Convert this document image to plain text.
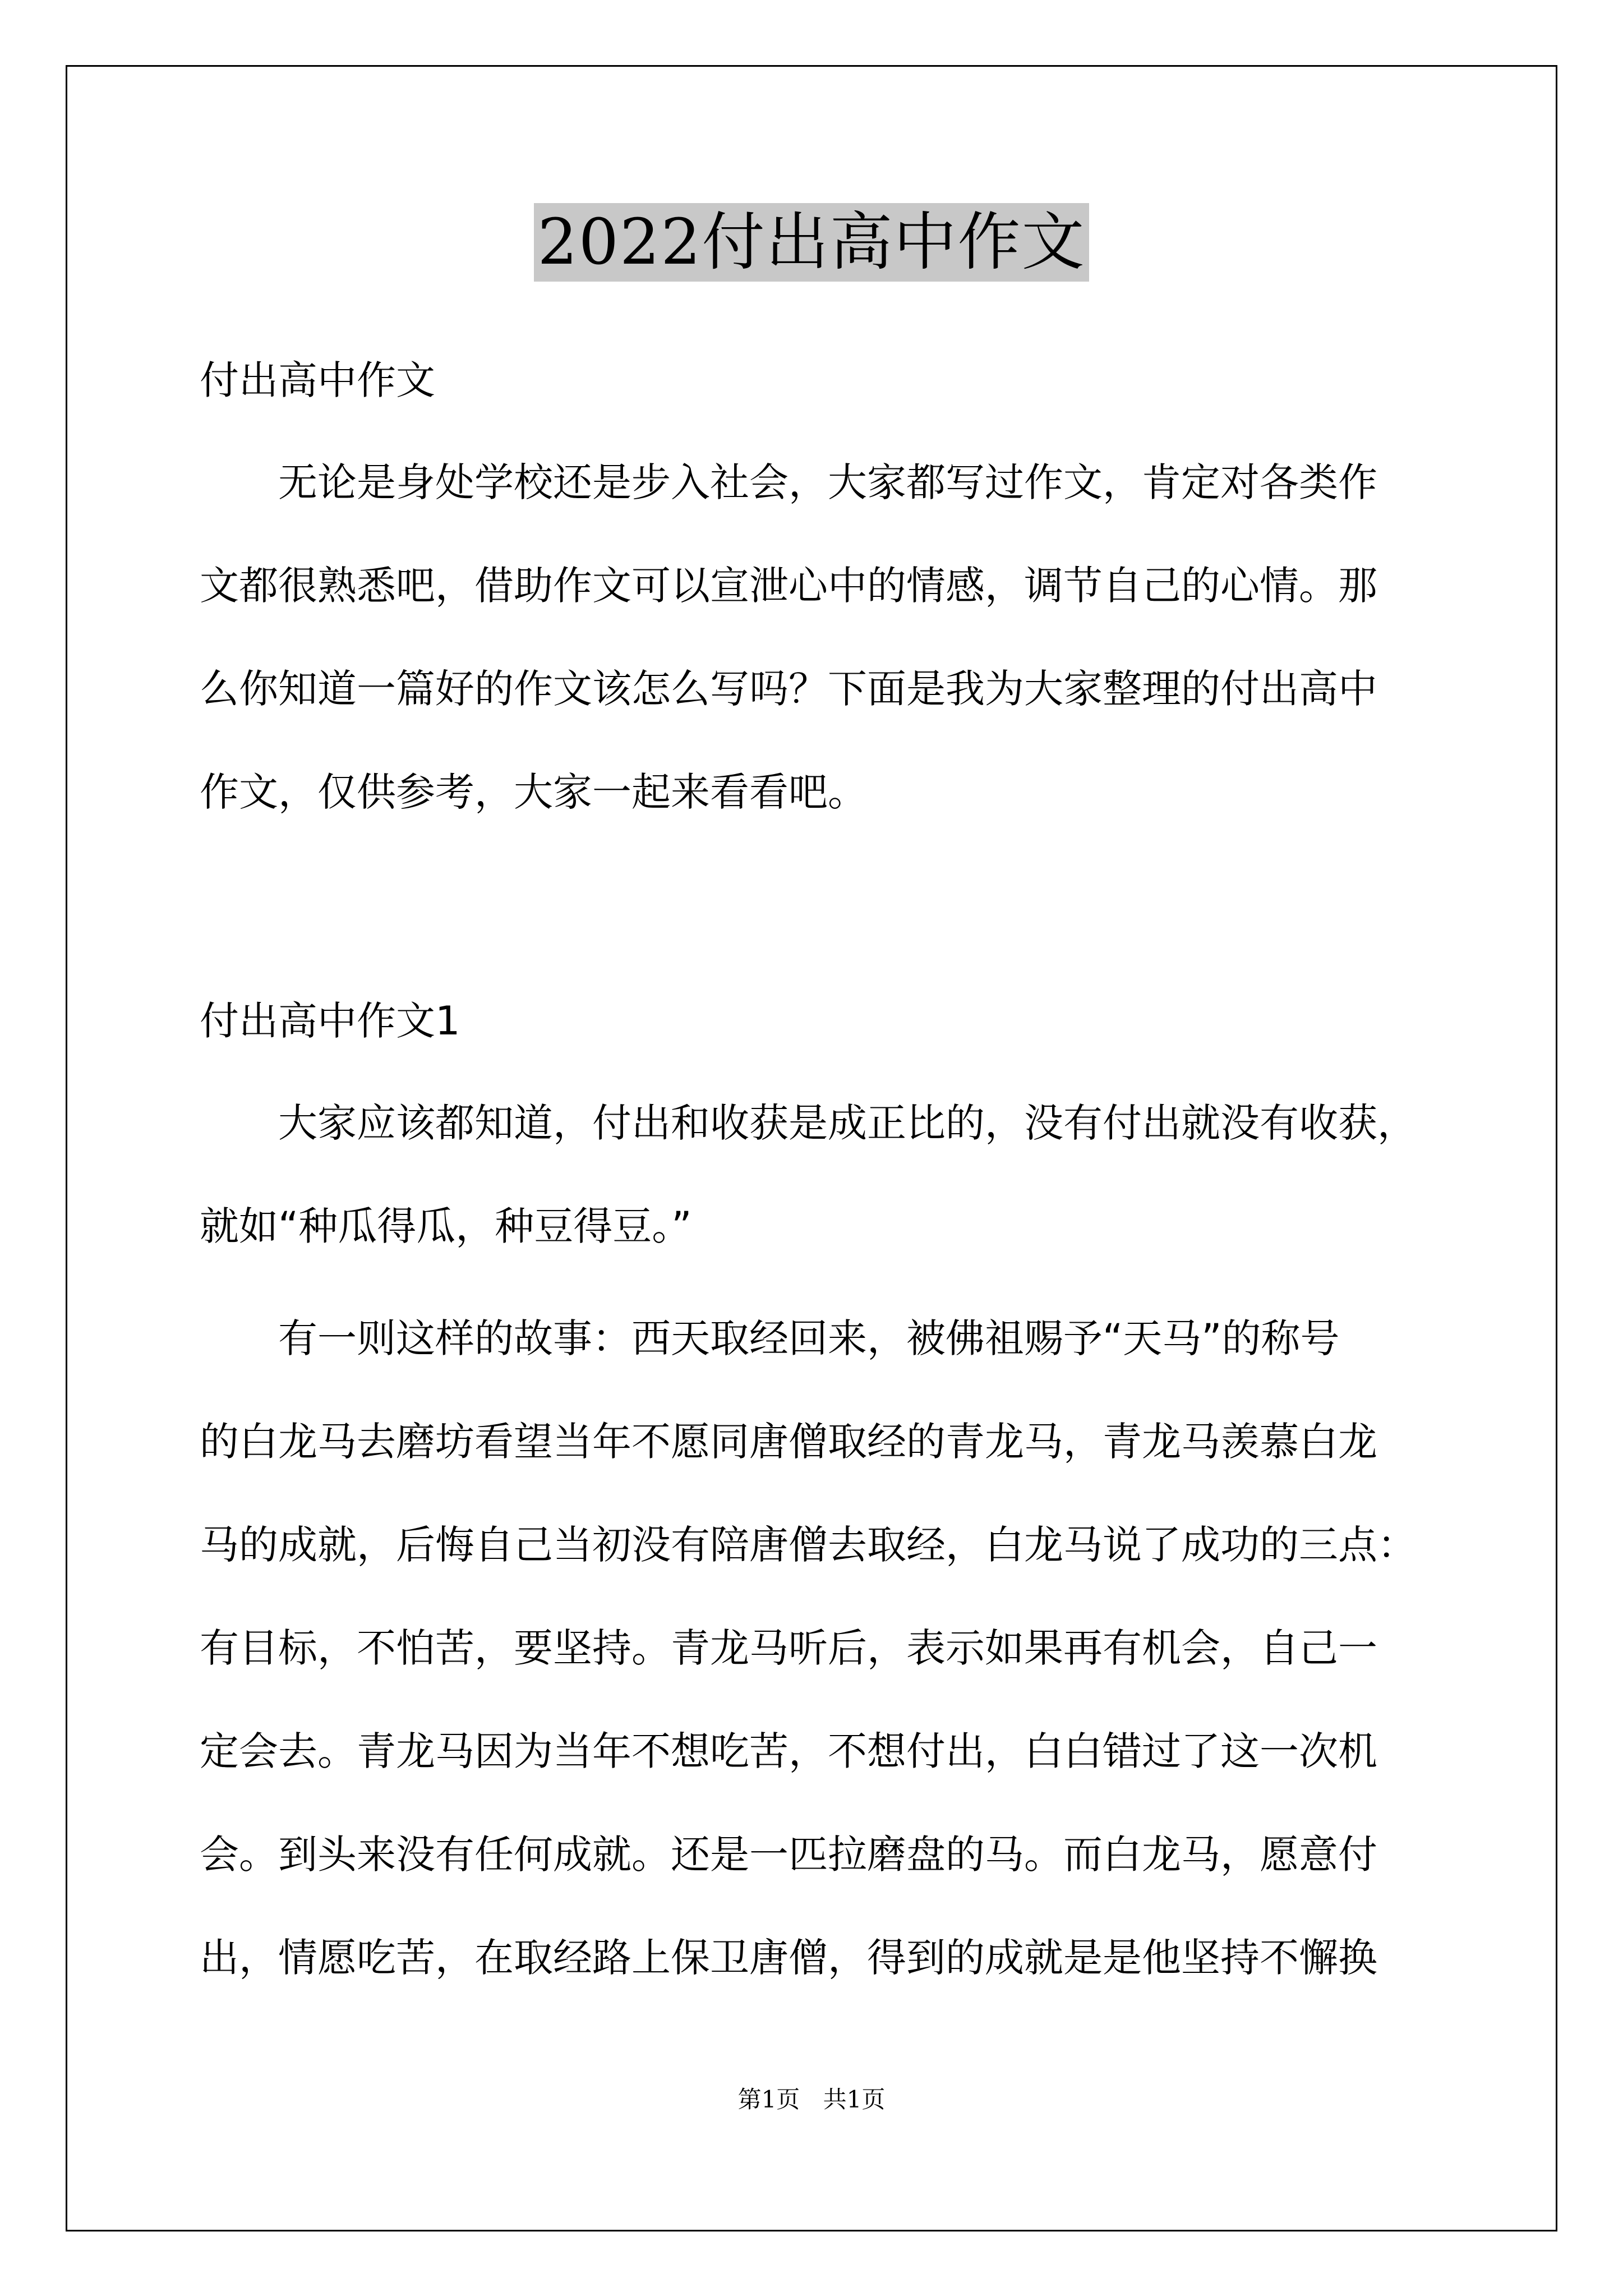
2022付出高中作文
付出高中作文
　　无论是身处学校还是步入社会，大家都写过作文，肯定对各类作
文都很熟悉吧，借助作文可以宣泄心中的情感，调节自己的心情。那
么你知道一篇好的作文该怎么写吗？下面是我为大家整理的付出高中
作文，仅供参考，大家一起来看看吧。
付出高中作文1
　　大家应该都知道，付出和收获是成正比的，没有付出就没有收获，
就如“种瓜得瓜，种豆得豆。”
　　有一则这样的故事：西天取经回来，被佛祖赐予“天马”的称号
的白龙马去磨坊看望当年不愿同唐僧取经的青龙马，青龙马羡慕白龙
马的成就，后悔自己当初没有陪唐僧去取经，白龙马说了成功的三点：
有目标，不怕苦，要坚持。青龙马听后，表示如果再有机会，自己一
定会去。青龙马因为当年不想吃苦，不想付出，白白错过了这一次机
会。到头来没有任何成就。还是一匹拉磨盘的马。而白龙马，愿意付
出，情愿吃苦，在取经路上保卫唐僧，得到的成就是是他坚持不懈换
第1页 共1页
